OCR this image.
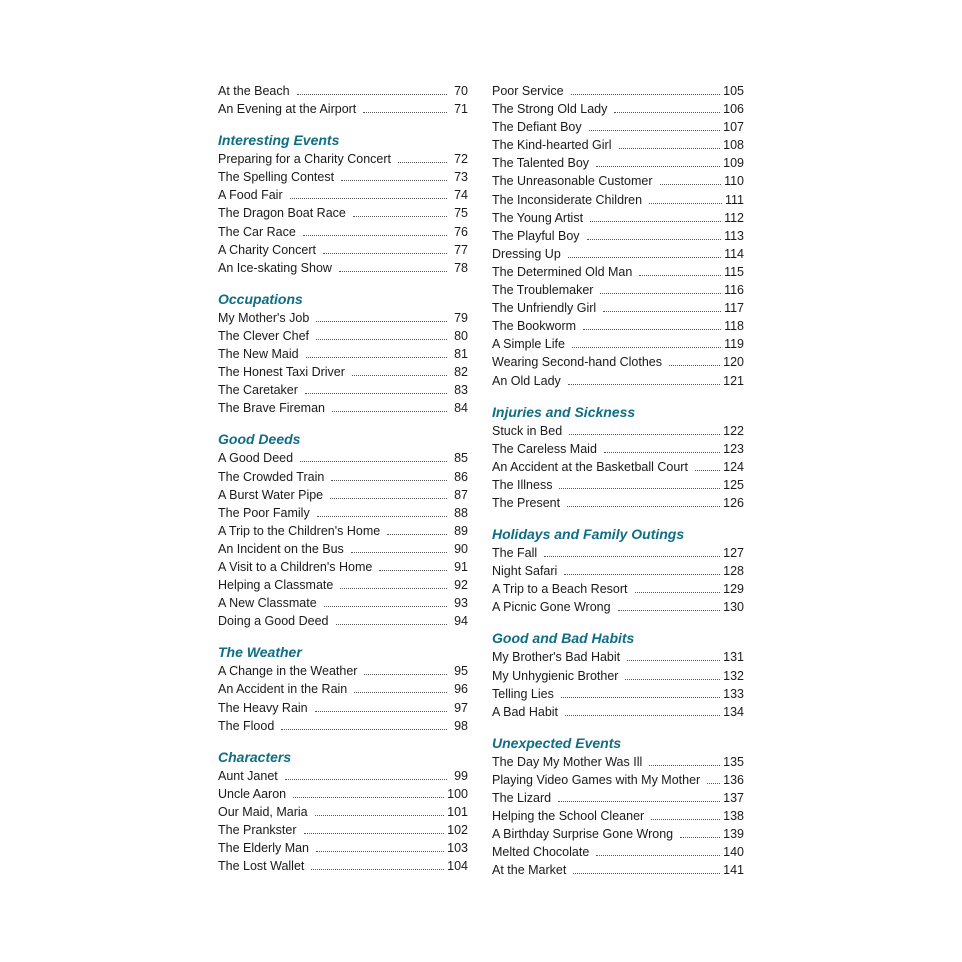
At the Beach	70
An Evening at the Airport	71
Interesting Events
Preparing for a Charity Concert	72
The Spelling Contest	73
A Food Fair	74
The Dragon Boat Race	75
The Car Race	76
A Charity Concert	77
An Ice-skating Show	78
Occupations
My Mother's Job	79
The Clever Chef	80
The New Maid	81
The Honest Taxi Driver	82
The Caretaker	83
The Brave Fireman	84
Good Deeds
A Good Deed	85
The Crowded Train	86
A Burst Water Pipe	87
The Poor Family	88
A Trip to the Children's Home	89
An Incident on the Bus	90
A Visit to a Children's Home	91
Helping a Classmate	92
A New Classmate	93
Doing a Good Deed	94
The Weather
A Change in the Weather	95
An Accident in the Rain	96
The Heavy Rain	97
The Flood	98
Characters
Aunt Janet	99
Uncle Aaron	100
Our Maid, Maria	101
The Prankster	102
The Elderly Man	103
The Lost Wallet	104
Poor Service	105
The Strong Old Lady	106
The Defiant Boy	107
The Kind-hearted Girl	108
The Talented Boy	109
The Unreasonable Customer	110
The Inconsiderate Children	111
The Young Artist	112
The Playful Boy	113
Dressing Up	114
The Determined Old Man	115
The Troublemaker	116
The Unfriendly Girl	117
The Bookworm	118
A Simple Life	119
Wearing Second-hand Clothes	120
An Old Lady	121
Injuries and Sickness
Stuck in Bed	122
The Careless Maid	123
An Accident at the Basketball Court	124
The Illness	125
The Present	126
Holidays and Family Outings
The Fall	127
Night Safari	128
A Trip to a Beach Resort	129
A Picnic Gone Wrong	130
Good and Bad Habits
My Brother's Bad Habit	131
My Unhygienic Brother	132
Telling Lies	133
A Bad Habit	134
Unexpected Events
The Day My Mother Was Ill	135
Playing Video Games with My Mother	136
The Lizard	137
Helping the School Cleaner	138
A Birthday Surprise Gone Wrong	139
Melted Chocolate	140
At the Market	141
